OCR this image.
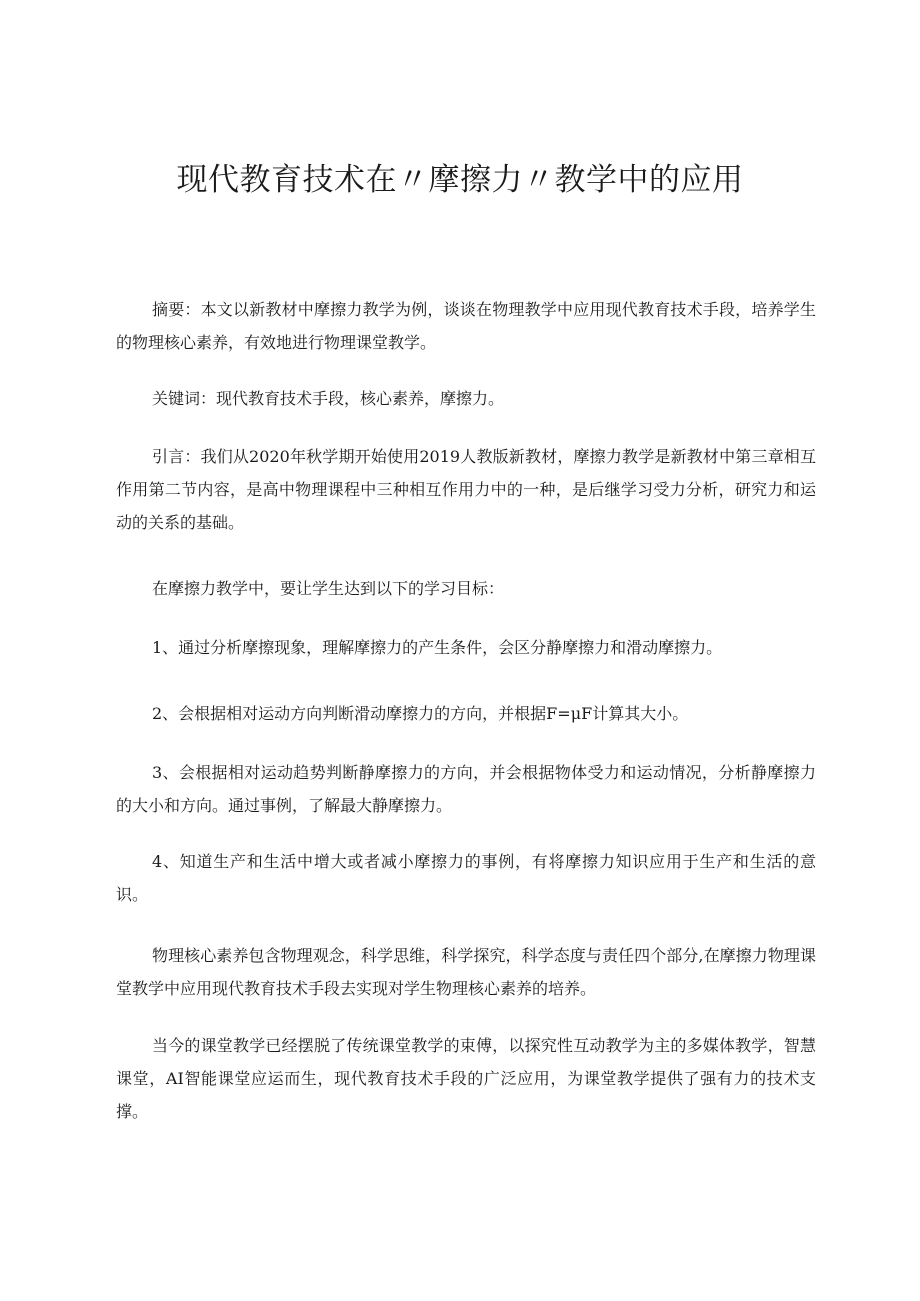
现代教育技术在〃摩擦力〃教学中的应用

摘要：本文以新教材中摩擦力教学为例，谈谈在物理教学中应用现代教育技术手段，培养学生的物理核心素养，有效地进行物理课堂教学。

关键词：现代教育技术手段，核心素养，摩擦力。

引言：我们从2020年秋学期开始使用2019人教版新教材，摩擦力教学是新教材中第三章相互作用第二节内容，是高中物理课程中三种相互作用力中的一种，是后继学习受力分析，研究力和运动的关系的基础。

在摩擦力教学中，要让学生达到以下的学习目标：

1、通过分析摩擦现象，理解摩擦力的产生条件，会区分静摩擦力和滑动摩擦力。

2、会根据相对运动方向判断滑动摩擦力的方向，并根据F=μF计算其大小。

3、会根据相对运动趋势判断静摩擦力的方向，并会根据物体受力和运动情况，分析静摩擦力的大小和方向。通过事例，了解最大静摩擦力。

4、知道生产和生活中增大或者减小摩擦力的事例，有将摩擦力知识应用于生产和生活的意识。

物理核心素养包含物理观念，科学思维，科学探究，科学态度与责任四个部分,在摩擦力物理课堂教学中应用现代教育技术手段去实现对学生物理核心素养的培养。

当今的课堂教学已经摆脱了传统课堂教学的束傅，以探究性互动教学为主的多媒体教学，智慧课堂，AI智能课堂应运而生，现代教育技术手段的广泛应用，为课堂教学提供了强有力的技术支撑。
